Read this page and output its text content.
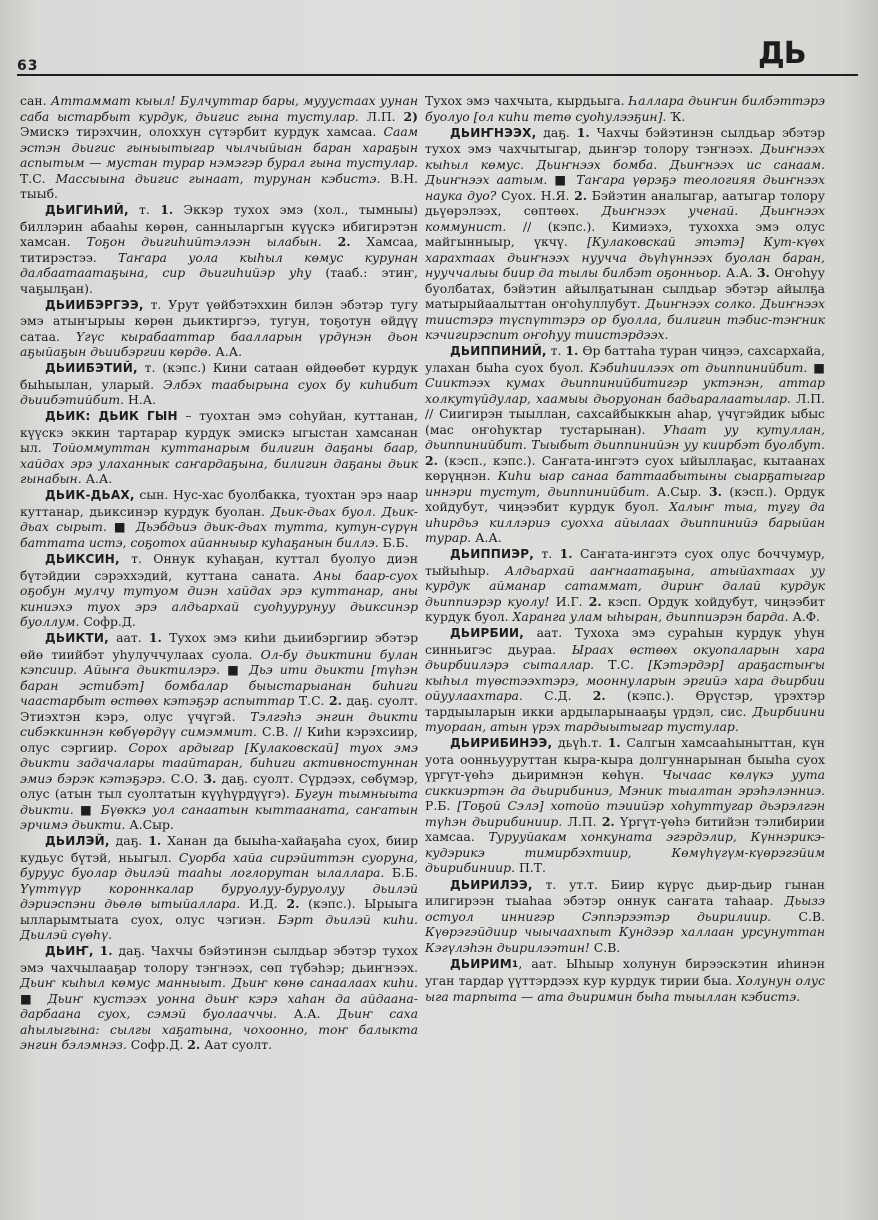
63	ДЬ

сан. Аттаммат кыыл! Булчуттар бары, мууустаах уунан саба ыстарбыт курдук, дьигис гына тустулар. Л.П. 2) Эмискэ тирэхчин, олоххун сүтэрбит курдук хамсаа. Саам эстэн дьигис гыныытыгар чылчыйыан баран хараҕын аспытым — мустан турар нэмэгэр бурал гына тустулар. Т.С. Массыына дьигис гынаат, турунан кэбистэ. В.Н. тыыб.

ДЬИГИҺИЙ, т. 1. Эккэр тухох эмэ (хол., тымныы) биллэрин абааһы көрөн, санныларгын күүскэ ибигирэтэн хамсан. Тоҕон дьигиһийтэлээн ылабын. 2. Хамсаа, титирэстээ. Таҥара уола кыһыл көмус курунан далбаатаатаҕына, сир дьигиһийэр уһу (тааб.: этиҥ, чаҕылҕан).

ДЬИИБЭРГЭЭ, т. Урут үөйбэтэххин билэн эбэтэр тугу эмэ атыҥырыы көрөн дьиктиргээ, тугун, тоҕотун өйдүү сатаа. Үгүс кырабааттар баалларын үрдүнэн дьон аҕыйаҕын дьиибэргии көрдө. А.А.

ДЬИИБЭТИЙ, т. (кэпс.) Кини сатаан өйдөөбөт курдук быһыылан, уларый. Элбэх таабырына суох бу киһибит дьиибэтийбит. Н.А.

ДЬИК: ДЬИК ГЫН – туохтан эмэ соһуйан, куттанан, күүскэ эккин тартарар курдук эмискэ ыгыстан хамсанан ыл. Тойоммуттан куттанарым билигин даҕаны баар, хайдах эрэ улаханнык саҥардаҕына, билигин даҕаны дьик гынабын. А.А.

ДЬИК-ДЬАХ, сын. Нус-хас буолбакка, туохтан эрэ наар куттанар, дьиксинэр курдук буолан. Дьик-дьах буол. Дьик-дьах сырыт. ■ Дьэбдьиэ дьик-дьах тутта, кутун-сүрүн баттата истэ, соҕотох айанныыр куһаҕанын биллэ. Б.Б.

ДЬИКСИН, т. Оннук куһаҕан, куттал буолуо диэн бүтэйдии сэрэххэдий, куттана саната. Аны баар-суох оҕобун мулчу тутуом диэн хайдах эрэ куттанар, аны киниэхэ туох эрэ алдьархай суоһуурунуу дьиксинэр буоллум. Софр.Д.

ДЬИКТИ, аат. 1. Тухох эмэ киһи дьиибэргиир эбэтэр өйө тиийбэт уһулуччулаах суола. Ол-бу дьиктини булан кэпсиир. Айыҥа дьиктилэрэ. ■ Дьэ ити дьикти [түһэн баран эстибэт] бомбалар быыстарыанан биһиги чаастарбыт өстөөх кэтэҕэр аспыттар Т.С. 2. даҕ. суолт. Этиэхтэн кэрэ, олус үчүгэй. Тэлгэһэ энгин дьикти сибэккиннэн көбүөрдүү симэммит. С.В. // Киһи кэрэхсиир, олус сэргиир. Сорох ардыгар [Кулаковскай] туох эмэ дьикти задачалары таайтаран, биһиги активностуннан эмиэ бэрэк кэтэҕэрэ. С.О. 3. даҕ. суолт. Сүрдээх, сөбүмэр, олус (атын тыл суолтатын күүһүрдүүгэ). Бугун тымныыта дьикти. ■ Бүөккэ уол санаатын кыттааната, саҥатын эрчимэ дьикти. А.Сыр.

ДЬИЛЭЙ, даҕ. 1. Ханан да быыһа-хайаҕаһа суох, биир кудьус бүтэй, ньыгыл. Суорба хайа сирэйиттэн суоруна, буруус буолар дьилэй тааһы логлорутан ылаллара. Б.Б. Үүттүүр короннкалар буруолуу-буруолуу дьилэй дэриэспэни дьөлө ытыйаллара. И.Д. 2. (кэпс.). Ырыыга ылларымтыата суох, олус чэгиэн. Бэрт дьилэй киһи. Дьилэй сүөһү.

ДЬИҤ, 1. даҕ. Чахчы бэйэтинэн сылдьар эбэтэр тухох эмэ чахчылааҕар толору тэҥнээх, сөп түбэһэр; дьиҥнээх. Дьиҥ кыһыл көмус манныыт. Дьиҥ көнө санаалаах киһи. ■ Дьиҥ кустээх уонна дьиҥ кэрэ хаһан да айдаана-дарбаана суох, сэмэй буолааччы. А.А. Дьиҥ саха аһылыгына: сылгы хаҕатына, чохоонно, тоҥ балыкта энгин бэлэмнэз. Софр.Д. 2. Аат суолт.

Тухох эмэ чахчыта, кырдьыга. Һаллара дьиҥин билбэттэрэ буолуо [ол киһи тетө суоһулээҕин]. Ҡ.

ДЬИҤНЭЭХ, даҕ. 1. Чахчы бэйэтинэн сылдьар эбэтэр тухох эмэ чахчытыгар, дьиҥэр толору тэҥнээх. Дьиҥнээх кыһыл көмус. Дьиҥнээх бомба. Дьиҥнээх ис санаам. Дьиҥнээх аатым. ■ Таҥара үөрэҕэ теологияя дьиҥнээх наука дуо? Суох. Н.Я. 2. Бэйэтин аналыгар, аатыгар толору дьүөрэлээх, сөптөөх. Дьиҥнээх ученай. Дьиҥнээх коммунист. // (кэпс.). Кимиэхэ, тухохха эмэ олус майгынныыр, үкчү. [Кулаковскай этэтэ] Кут-күөх харахтаах дьиҥнээх нууччa дьүһүннээх буолан баран, нууччалыы биир да тылы билбэт оҕонньор. А.А. 3. Оҥоһуу буолбатах, бэйэтин айылҕатынан сылдьар эбэтэр айылҕа матырыйаалыттан оҥоһуллубут. Дьиҥнээх солко. Дьиҥнээх тиистэрэ түспүттэрэ ор буолла, билигин тэбис-тэҥник кэчигирэспит оҥоһуу тиистэрдээх.

ДЬИППИНИЙ, т. 1. Өр баттаһа туран чиңээ, сахсархайа, улахан быһа суох буол. Кэбиһиилээх от дьиппинийбит. ■ Сииктээх кумах дьиппинийбитигэр уктэнэн, аттар холкутүйдулар, хаамыы дьоруонан бадьаралаатылар. Л.П. // Сиигирэн тыыллан, сахсайбыккын аһар, үчүгэйдик ыбыс (мас оҥоһуктар тустарынан). Уһаат уу кутуллан, дьиппинийбит. Тыыбыт дьиппинийэн уу киирбэт буолбут. 2. (кэсп., кэпс.). Саҥата-ингэтэ суох ыйыллаҕас, кытаанах көрүңнэн. Киһи ыар санаа баттаабытыны сыарҕатыгар иннэри тустут, дьиппинийбит. А.Сыр. 3. (кэсп.). Ордук хойдубут, чиңээбит курдук буол. Халыҥ тыа, тугу да иһирдьэ киллэриэ суохха айылаах дьиппинийэ барыйан турар. А.А.

ДЬИППИЭР, т. 1. Саҥата-ингэтэ суох олус боччумур, тыйыһыр. Алдьархай ааҥнаатаҕына, атыйахтаах уу курдук айманар сатаммат, дириҥ далай курдук дьиппиэрэр куолу! И.Г. 2. кэсп. Ордук хойдубут, чиңээбит курдук буол. Харанга улам ыһыран, дьиппиэрэн барда. А.Ф.

ДЬИРБИИ, аат. Тухоха эмэ сураһын курдук уһун синньигэс дьураа. Ыраах өстөөх окуопаларын хара дьирбиилэрэ сыталлар. Т.С. [Кэтэрдэр] араҕастыҥы кыһыл түөстээхтэрэ, мооннуларын эргийэ хара дьирбии ойуулаахтара. С.Д. 2. (кэпс.). Өрүстэр, үрэхтэр тардыыларын икки ардыларынааҕы үрдэл, сис. Дьирбиини туораан, атын үрэх тардыытыгар тустулар.

ДЬИРИБИНЭЭ, дьүһ.т. 1. Салгын хамсааһыныттан, күн уота оонньууруттан кыра-кыра долгуннарынан быыһа суох үргүт-үөһэ дьиримнэн көһүн. Чычаас көлүкэ уута сиккиэртэн да дьирибиниэ, Мэник тыалтан эрэһэлэнниэ. Р.Б. [Тоҕой Сэлэ] хотойо тэиийэр хоһуттугар дьэрэлгэн түһэн дьирибиниир. Л.П. 2. Үргүт-үөһэ битийэн тэлибирии хамсаа. Турууйакам хонкуната эгэрдэлир, Күннэрикэ-кудэрикэ тимирбэхтиир, Көмүһүгүм-күөрэгэйим дьирибиниир. П.Т.

ДЬИРИЛЭЭ, т. ут.т. Биир күрүс дьир-дьир гынан илигирээн тыаһаа эбэтэр оннук саҥата таһаар. Дьызэ остуол иннигэр Сэппэрээтэр дьирилиир. С.В. Күөрэгэйдиир чыычаахпыт Кундээр халлаан урсунуттан Кэгүлэһэн дьирилээтин! С.В.

ДЬИРИМ$^1$, аат. Ыһыыр холунун бирээскэтин иһинэн уган тардар үүттэрдээх кур курдук тирии быа. Холунун олус ыга тарпыта — ата дьиримин быһа тыыллан кэбистэ.
